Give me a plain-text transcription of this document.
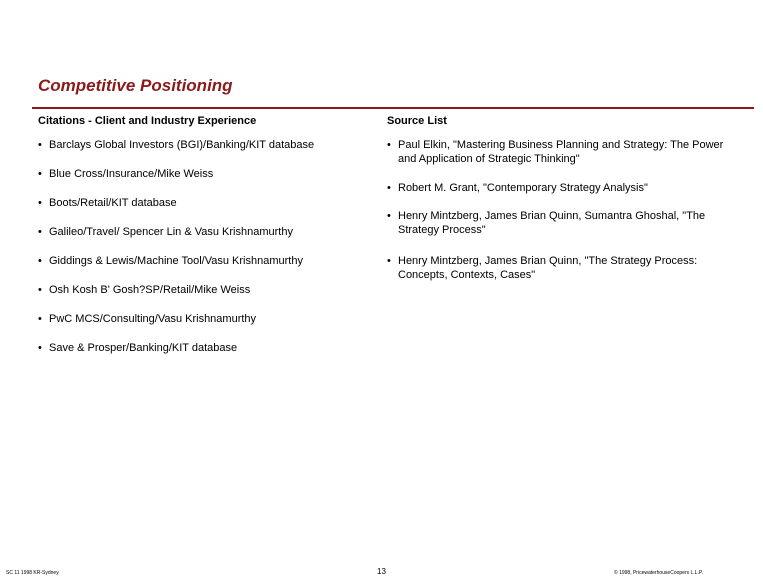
Competitive Positioning
Citations - Client and Industry Experience	Source List
• Barclays Global Investors (BGI)/Banking/KIT database
• Blue Cross/Insurance/Mike Weiss
• Boots/Retail/KIT database
• Galileo/Travel/ Spencer Lin & Vasu Krishnamurthy
• Giddings & Lewis/Machine Tool/Vasu Krishnamurthy
• Osh Kosh B' Gosh?SP/Retail/Mike Weiss
• PwC MCS/Consulting/Vasu Krishnamurthy
• Save & Prosper/Banking/KIT database
• Paul Elkin, "Mastering Business Planning and Strategy: The Power and Application of Strategic Thinking"
• Robert M. Grant, "Contemporary Strategy Analysis"
• Henry Mintzberg, James Brian Quinn, Sumantra Ghoshal, "The Strategy Process"
• Henry Mintzberg, James Brian Quinn, "The Strategy Process: Concepts, Contexts, Cases"
SC 11 1998 KR-Sydney	13	© 1998, PricewaterhouseCoopers L.L.P.
